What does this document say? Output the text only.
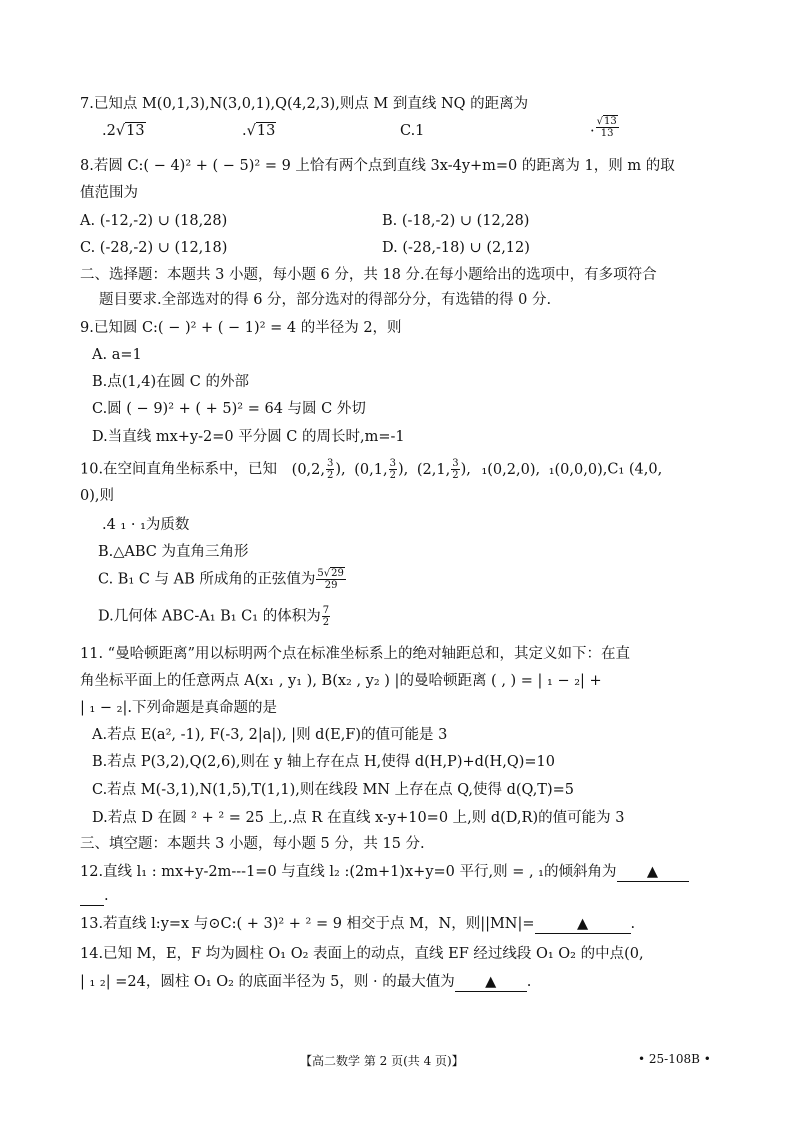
7.已知点 M(0,1,3),N(3,0,1),Q(4,2,3),则点 M 到直线 NQ 的距离为
.2√13	.√13	C.1	. $\frac{√13}{13}$
8.若圆 C:( − 4)² + ( − 5)² = 9 上恰有两个点到直线 3x-4y+m=0 的距离为 1，则 m 的取
值范围为
A. (-12,-2) ∪ (18,28)	B. (-18,-2) ∪ (12,28)
C. (-28,-2) ∪ (12,18)	D. (-28,-18) ∪ (2,12)
二、选择题：本题共 3 小题，每小题 6 分，共 18 分.在每小题给出的选项中，有多项符合
题目要求.全部选对的得 6 分，部分选对的得部分分，有选错的得 0 分.
9.已知圆 C:( − )² + ( − 1)² = 4 的半径为 2，则
A. a=1
B.点(1,4)在圆 C 的外部
C.圆 ( − 9)² + ( + 5)² = 64 与圆 C 外切
D.当直线 mx+y-2=0 平分圆 C 的周长时,m=-1
10.在空间直角坐标系中，已知 (0,2, $\frac{3}{2}$ ), (0,1, $\frac{3}{2}$ ), (2,1, $\frac{3}{2}$ ), ₁(0,2,0), ₁(0,0,0),C₁ (4,0,
0),则
.4 ₁ · ₁为质数
B.△ABC 为直角三角形
C. B₁ C 与 AB 所成角的正弦值为 $\frac{5√29}{29}$
D.几何体 ABC-A₁ B₁ C₁ 的体积为 $\frac{7}{2}$
11. “曼哈顿距离”用以标明两个点在标准坐标系上的绝对轴距总和，其定义如下：在直
角坐标平面上的任意两点 A(x₁ , y₁ ), B(x₂ , y₂ ) |的曼哈顿距离 ( , ) = | ₁ − ₂| +
| ₁ − ₂|.下列命题是真命题的是
A.若点 E(a², -1), F(-3, 2|a|), |则 d(E,F)的值可能是 3
B.若点 P(3,2),Q(2,6),则在 y 轴上存在点 H,使得 d(H,P)+d(H,Q)=10
C.若点 M(-3,1),N(1,5),T(1,1),则在线段 MN 上存在点 Q,使得 d(Q,T)=5
D.若点 D 在圆 ² + ² = 25 上,.点 R 在直线 x-y+10=0 上,则 d(D,R)的值可能为 3
三、填空题：本题共 3 小题，每小题 5 分，共 15 分.
12.直线 l₁ : mx+y-2m---1=0 与直线 l₂ :(2m+1)x+y=0 平行,则 = , ₁的倾斜角为 ▲
.
13.若直线 l:y=x 与⊙C:( + 3)² + ² = 9 相交于点 M，N，则||MN|=	▲	.
14.已知 M，E，F 均为圆柱 O₁ O₂ 表面上的动点，直线 EF 经过线段 O₁ O₂ 的中点(0,
| ₁ ₂| =24，圆柱 O₁ O₂ 的底面半径为 5，则 · 的最大值为 ▲ .
【高二数学 第 2 页(共 4 页)】	• 25-108B •
